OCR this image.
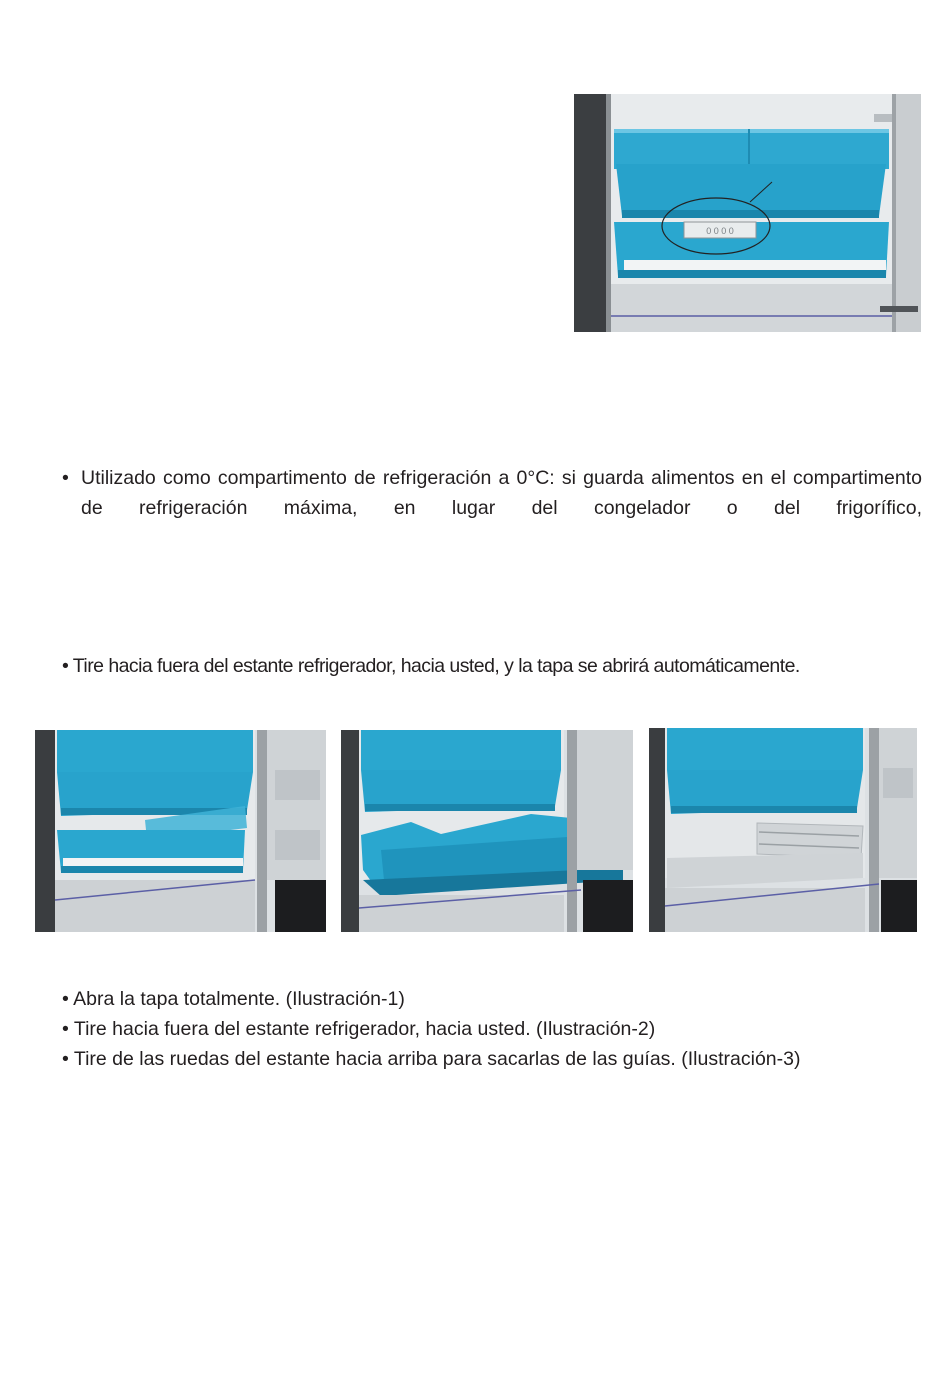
0 0 0 0
• Utilizado como compartimento de refrigeración a 0°C: si guarda alimentos en el compartimento de refrigeración máxima, en lugar del congelador o del frigorífico,
• Tire hacia fuera del estante refrigerador, hacia usted, y la tapa se abrirá automáticamente.
• Abra la tapa totalmente. (Ilustración-1)
• Tire hacia fuera del estante refrigerador, hacia usted. (Ilustración-2)
• Tire de las ruedas del estante hacia arriba para sacarlas de las guías. (Ilustración-3)
